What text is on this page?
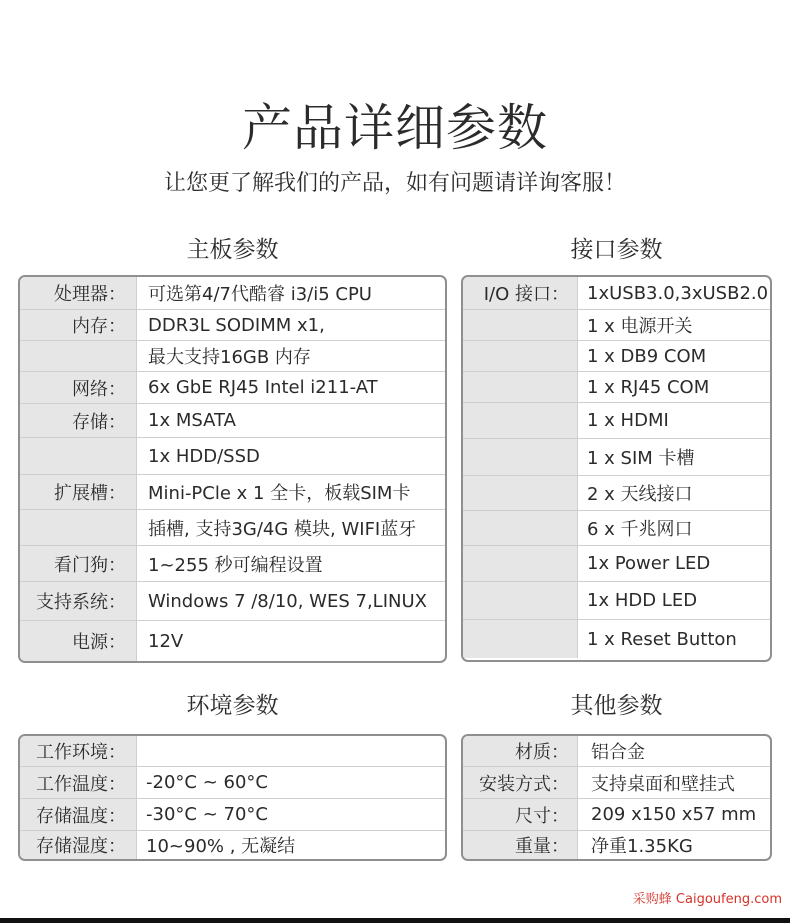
产品详细参数
让您更了解我们的产品，如有问题请详询客服！
主板参数	接口参数
环境参数	其他参数
处理器：	可选第4/7代酷睿 i3/i5 CPU
内存：	DDR3L SODIMM x1,
最大支持16GB 内存
网络：	6x GbE RJ45 Intel i211-AT
存储：	1x MSATA
1x HDD/SSD
扩展槽：	Mini-PCle x 1 全卡，板载SIM卡
插槽, 支持3G/4G 模块, WIFI蓝牙
看门狗：	1~255 秒可编程设置
支持系统：	Windows 7 /8/10, WES 7,LINUX
电源：	12V
I/O 接口：	1xUSB3.0,3xUSB2.0
1 x 电源开关
1 x DB9 COM
1 x RJ45 COM
1 x HDMI
1 x SIM 卡槽
2 x 天线接口
6 x 千兆网口
1x Power LED
1x HDD LED
1 x Reset Button
工作环境：
工作温度：	-20°C ~ 60°C
存储温度：	-30°C ~ 70°C
存储湿度：	10~90% , 无凝结
材质：	铝合金
安装方式：	支持桌面和壁挂式
尺寸：	209 x150 x57 mm
重量：	净重1.35KG
采购蜂 Caigoufeng.com
